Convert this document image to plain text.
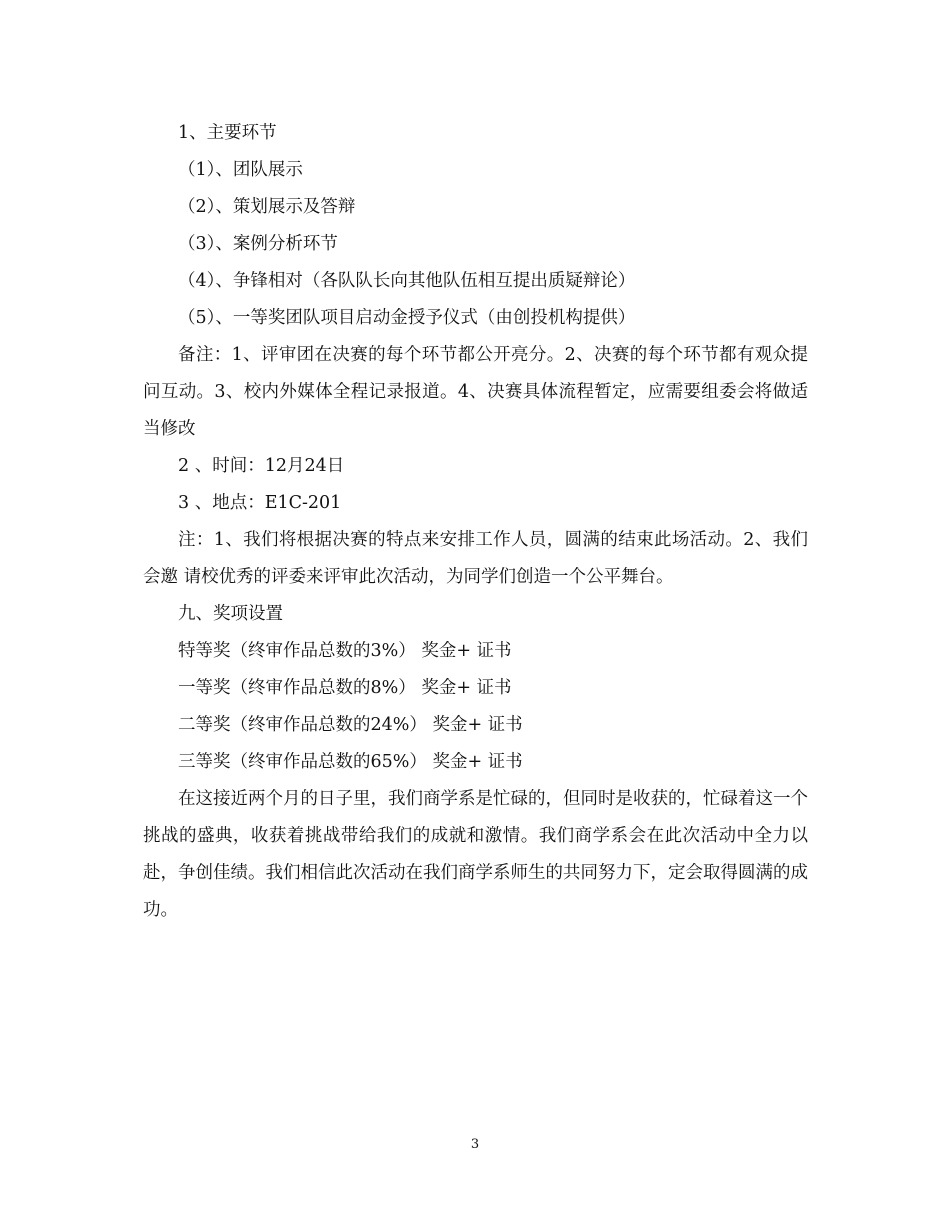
1、主要环节

（1）、团队展示

（2）、策划展示及答辩

（3）、案例分析环节

（4）、争锋相对（各队队长向其他队伍相互提出质疑辩论）

（5）、一等奖团队项目启动金授予仪式（由创投机构提供）

备注：1、评审团在决赛的每个环节都公开亮分。2、决赛的每个环节都有观众提问互动。3、校内外媒体全程记录报道。4、决赛具体流程暂定，应需要组委会将做适当修改

2 、时间：12月24日

3 、地点：E1C-201

注：1、我们将根据决赛的特点来安排工作人员，圆满的结束此场活动。2、我们会邀 请校优秀的评委来评审此次活动，为同学们创造一个公平舞台。

九、奖项设置

特等奖（终审作品总数的3%） 奖金+ 证书

一等奖（终审作品总数的8%） 奖金+ 证书

二等奖（终审作品总数的24%） 奖金+ 证书

三等奖（终审作品总数的65%） 奖金+ 证书

在这接近两个月的日子里，我们商学系是忙碌的，但同时是收获的，忙碌着这一个挑战的盛典，收获着挑战带给我们的成就和激情。我们商学系会在此次活动中全力以赴，争创佳绩。我们相信此次活动在我们商学系师生的共同努力下，定会取得圆满的成功。

3
